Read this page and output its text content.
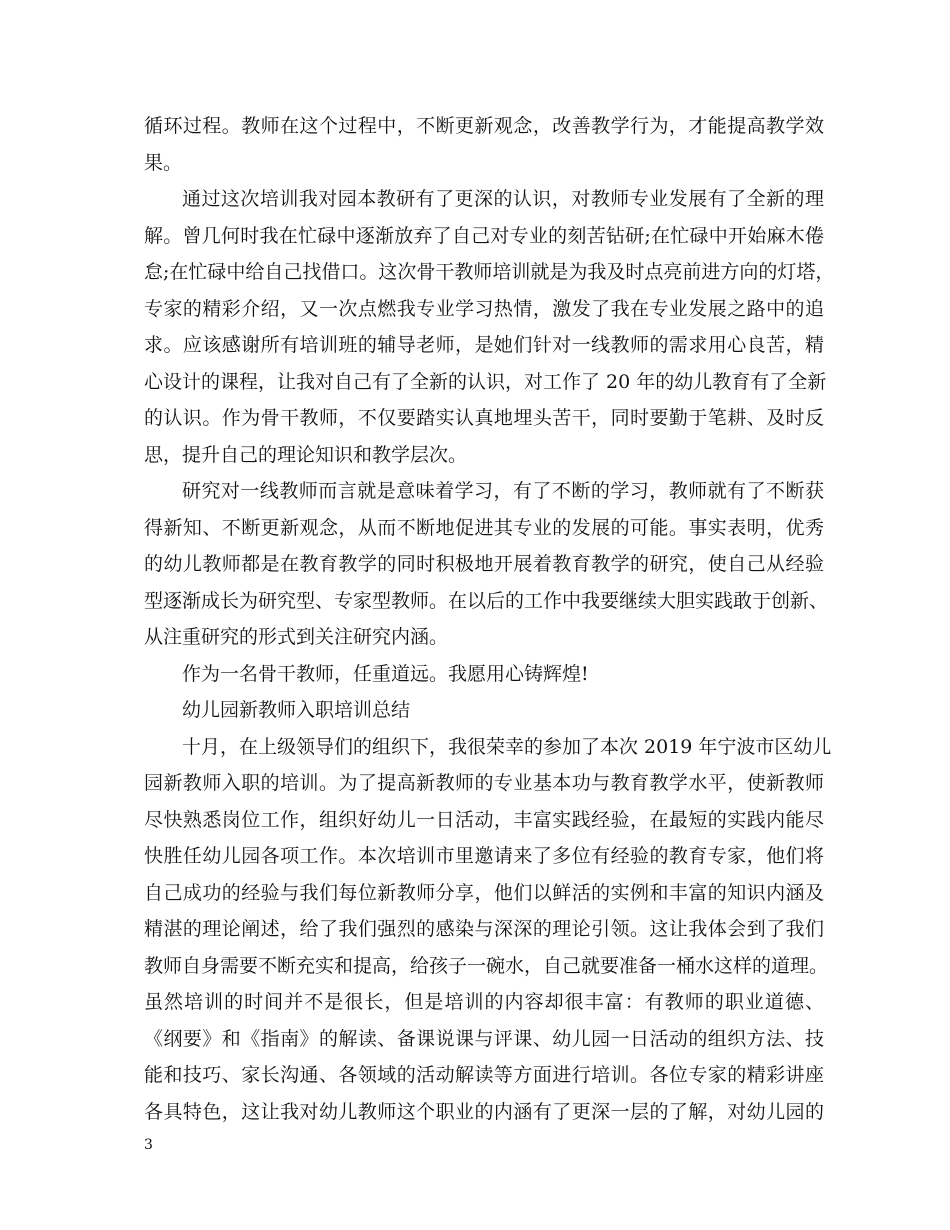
循环过程。教师在这个过程中，不断更新观念，改善教学行为，才能提高教学效
果。
通过这次培训我对园本教研有了更深的认识，对教师专业发展有了全新的理
解。曾几何时我在忙碌中逐渐放弃了自己对专业的刻苦钻研;在忙碌中开始麻木倦
怠;在忙碌中给自己找借口。这次骨干教师培训就是为我及时点亮前进方向的灯塔，
专家的精彩介绍，又一次点燃我专业学习热情，激发了我在专业发展之路中的追
求。应该感谢所有培训班的辅导老师，是她们针对一线教师的需求用心良苦，精
心设计的课程，让我对自己有了全新的认识，对工作了 20 年的幼儿教育有了全新
的认识。作为骨干教师，不仅要踏实认真地埋头苦干，同时要勤于笔耕、及时反
思，提升自己的理论知识和教学层次。
研究对一线教师而言就是意味着学习，有了不断的学习，教师就有了不断获
得新知、不断更新观念，从而不断地促进其专业的发展的可能。事实表明，优秀
的幼儿教师都是在教育教学的同时积极地开展着教育教学的研究，使自己从经验
型逐渐成长为研究型、专家型教师。在以后的工作中我要继续大胆实践敢于创新、
从注重研究的形式到关注研究内涵。
作为一名骨干教师，任重道远。我愿用心铸辉煌!
幼儿园新教师入职培训总结
十月，在上级领导们的组织下，我很荣幸的参加了本次 2019 年宁波市区幼儿
园新教师入职的培训。为了提高新教师的专业基本功与教育教学水平，使新教师
尽快熟悉岗位工作，组织好幼儿一日活动，丰富实践经验，在最短的实践内能尽
快胜任幼儿园各项工作。本次培训市里邀请来了多位有经验的教育专家，他们将
自己成功的经验与我们每位新教师分享，他们以鲜活的实例和丰富的知识内涵及
精湛的理论阐述，给了我们强烈的感染与深深的理论引领。这让我体会到了我们
教师自身需要不断充实和提高，给孩子一碗水，自己就要准备一桶水这样的道理。
虽然培训的时间并不是很长，但是培训的内容却很丰富：有教师的职业道德、
《纲要》和《指南》的解读、备课说课与评课、幼儿园一日活动的组织方法、技
能和技巧、家长沟通、各领域的活动解读等方面进行培训。各位专家的精彩讲座
各具特色，这让我对幼儿教师这个职业的内涵有了更深一层的了解，对幼儿园的
3
